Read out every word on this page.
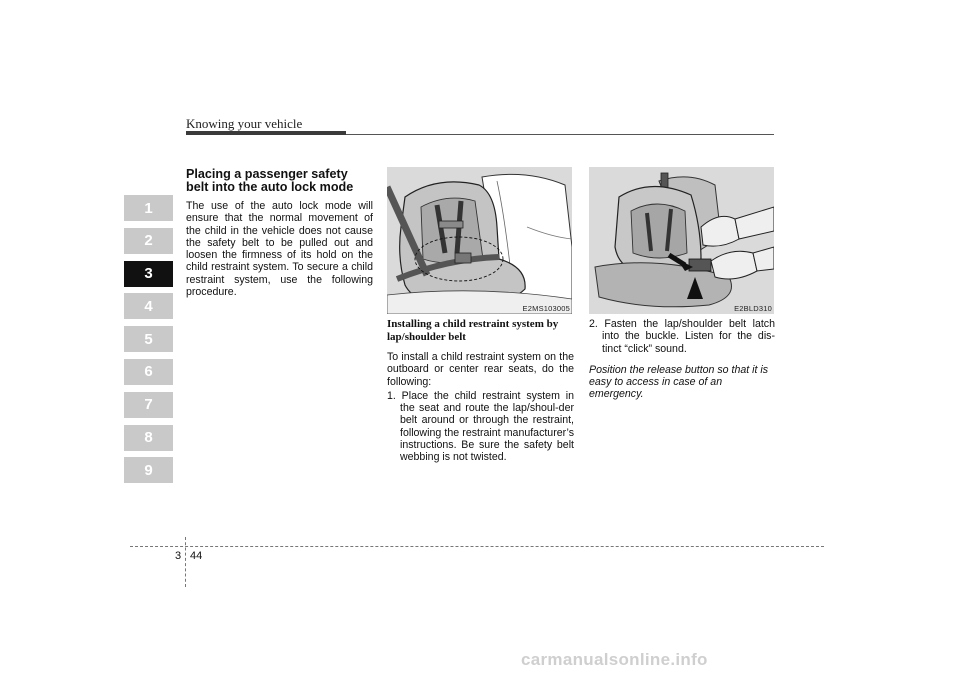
Knowing your vehicle
1
2
3
4
5
6
7
8
9
Placing a passenger safety belt into the auto lock mode

The use of the auto lock mode will ensure that the normal movement of the child in the vehicle does not cause the safety belt to be pulled out and loosen the firmness of its hold on the child restraint system. To secure a child restraint system, use the following procedure.

E2MS103005
Installing a child restraint system by lap/shoulder belt

To install a child restraint system on the outboard or center rear seats, do the following:

1. Place the child restraint system in the seat and route the lap/shoul-der belt around or through the restraint, following the restraint manufacturer’s instructions. Be sure the safety belt webbing is not twisted.

E2BLD310

2. Fasten the lap/shoulder belt latch into the buckle. Listen for the dis-tinct “click” sound.

Position the release button so that it is easy to access in case of an emergency.

3 44
carmanualsonline.info
